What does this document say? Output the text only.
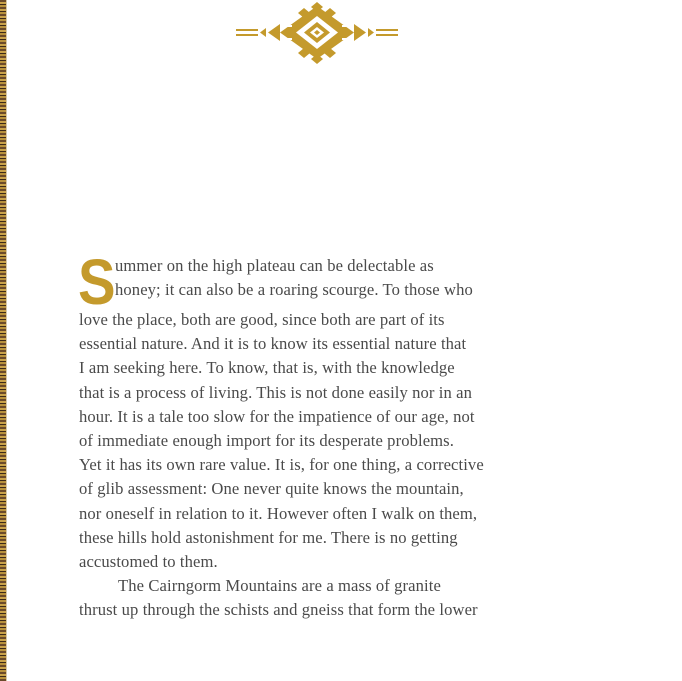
S ummer on the high plateau can be delectable as
honey; it can also be a roaring scourge. To those who
love the place, both are good, since both are part of its
essential nature. And it is to know its essential nature that
I am seeking here. To know, that is, with the knowledge
that is a process of living. This is not done easily nor in an
hour. It is a tale too slow for the impatience of our age, not
of immediate enough import for its desperate problems.
Yet it has its own rare value. It is, for one thing, a corrective
of glib assessment: One never quite knows the mountain,
nor oneself in relation to it. However often I walk on them,
these hills hold astonishment for me. There is no getting
accustomed to them.
The Cairngorm Mountains are a mass of granite
thrust up through the schists and gneiss that form the lower
